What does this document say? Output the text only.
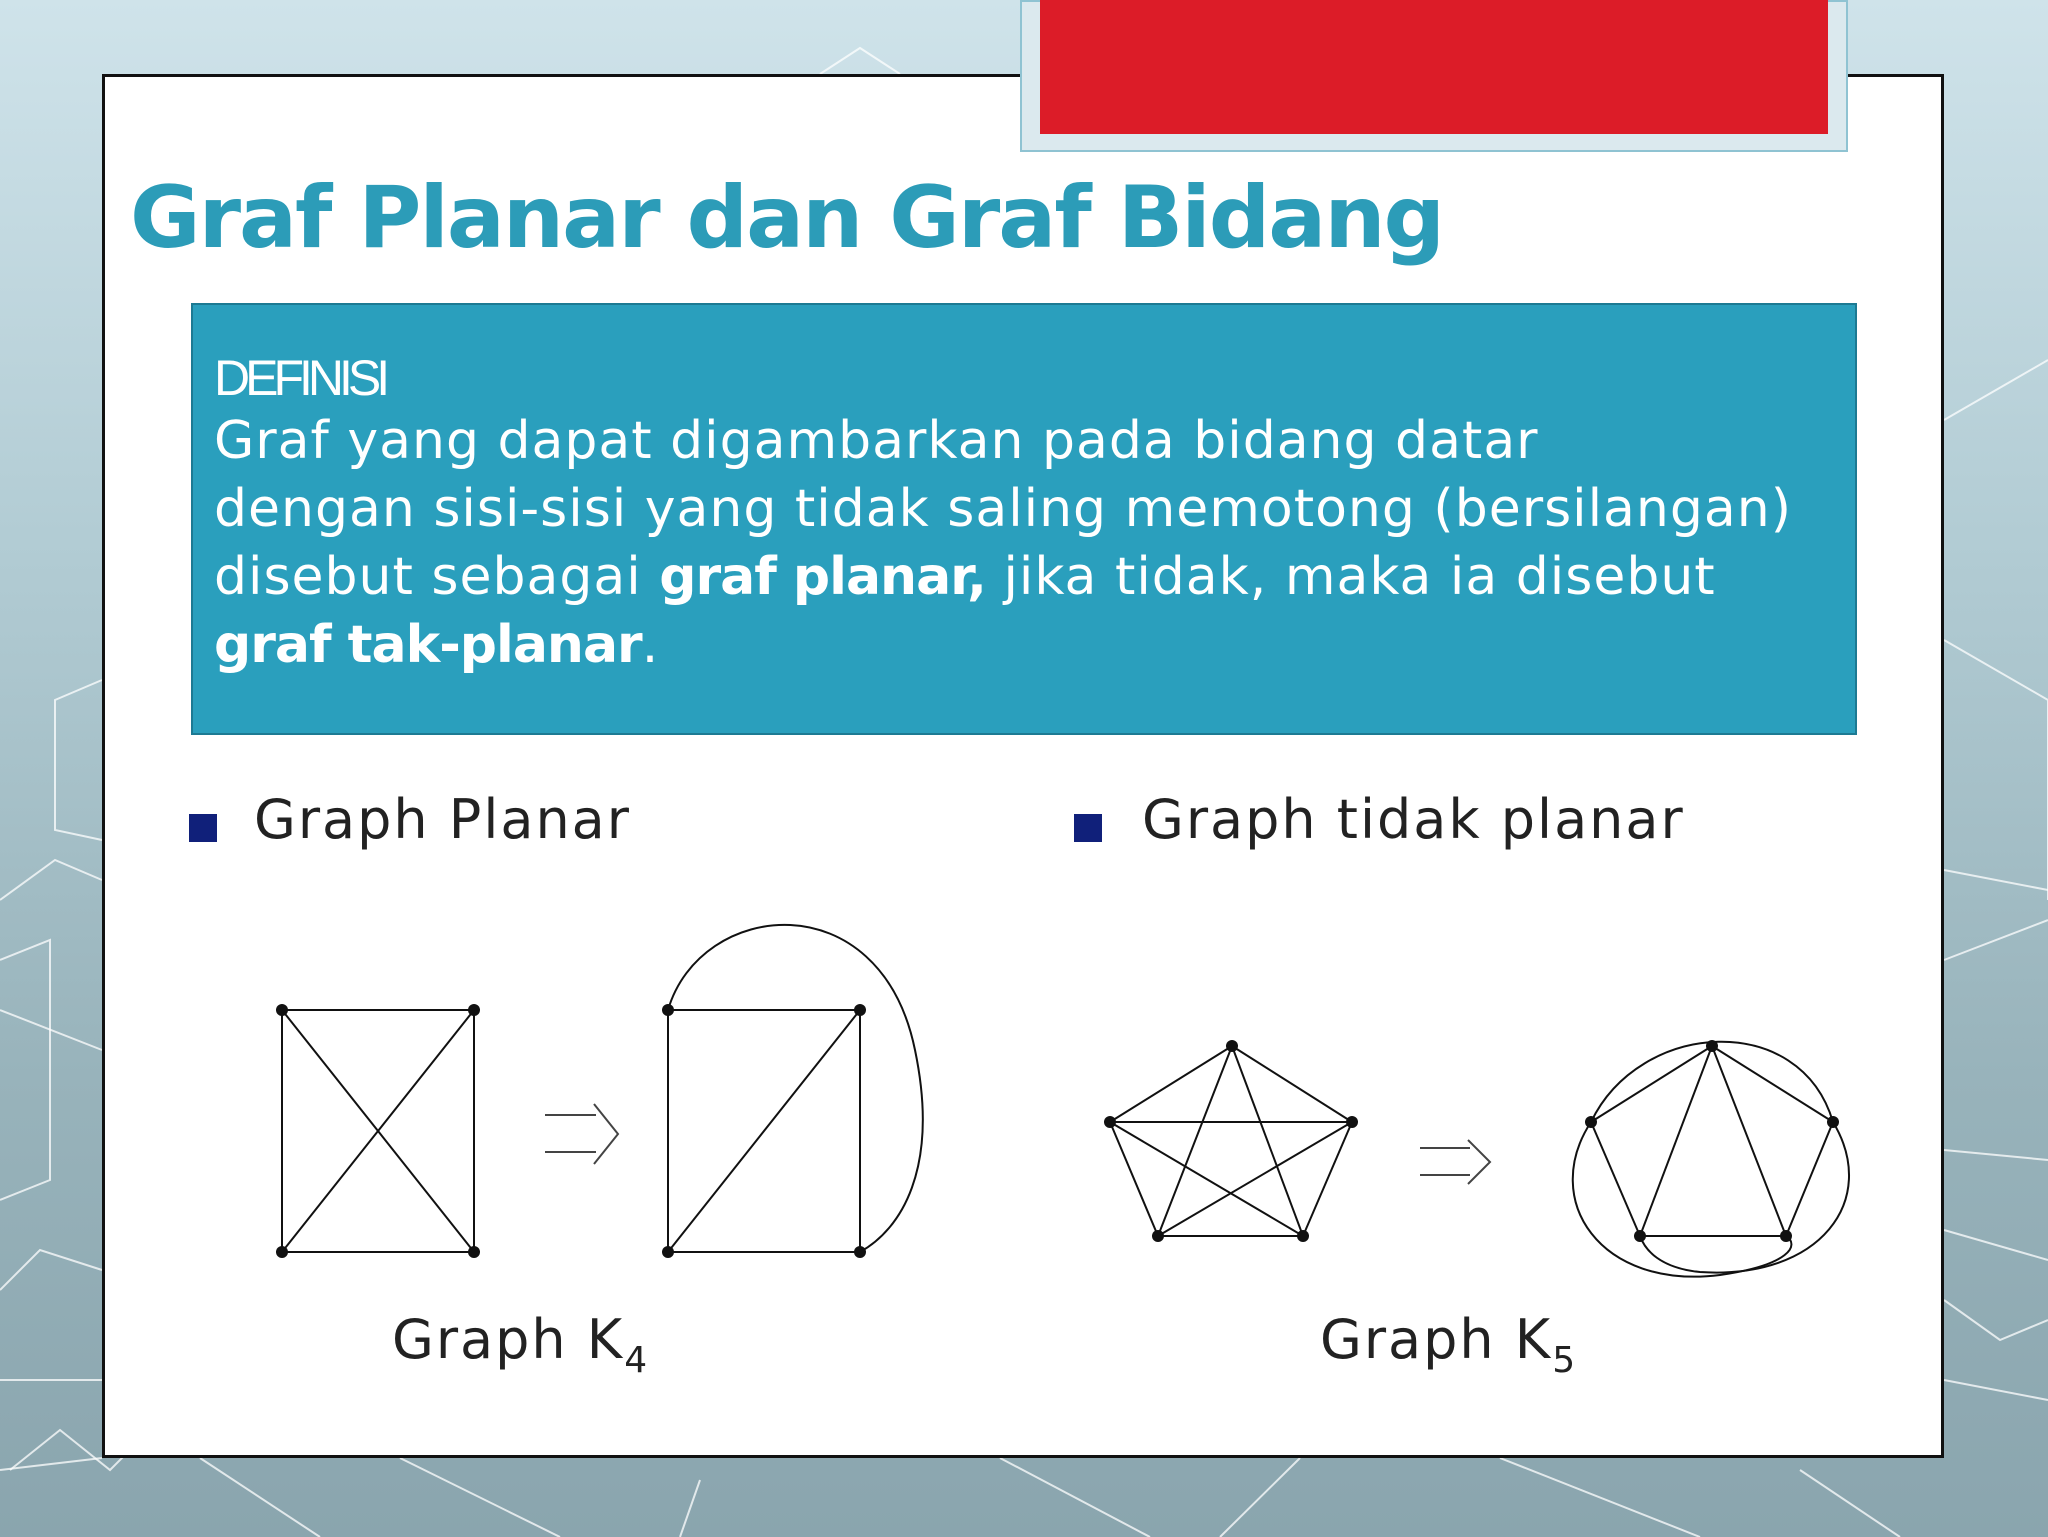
Graf Planar dan Graf Bidang
DEFINISI
Graf yang dapat digambarkan pada bidang datar
dengan sisi-sisi yang tidak saling memotong (bersilangan)
disebut sebagai graf planar, jika tidak, maka ia disebut
graf tak-planar.
Graph Planar	Graph tidak planar
Graph $K_4$	Graph $K_5$
